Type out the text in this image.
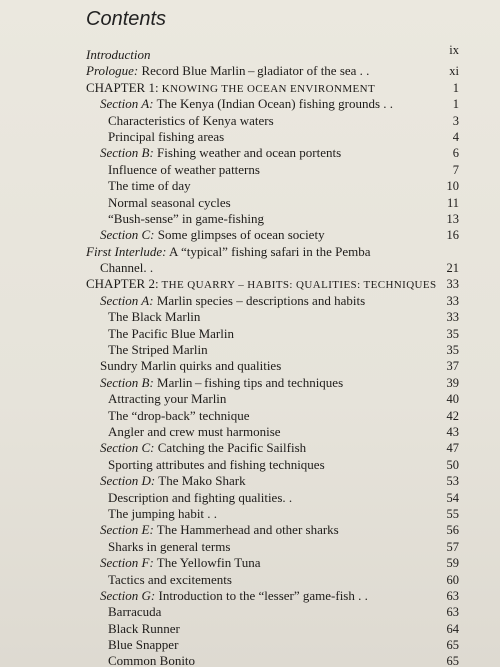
Contents
Introduction	ix
Prologue: Record Blue Marlin – gladiator of the sea . .	xi
CHAPTER 1: KNOWING THE OCEAN ENVIRONMENT	1
Section A: The Kenya (Indian Ocean) fishing grounds . .	1
Characteristics of Kenya waters	3
Principal fishing areas	4
Section B: Fishing weather and ocean portents	6
Influence of weather patterns	7
The time of day	10
Normal seasonal cycles	11
“Bush-sense” in game-fishing	13
Section C: Some glimpses of ocean society	16
First Interlude: A “typical” fishing safari in the Pemba
Channel. .	21
CHAPTER 2: THE QUARRY – HABITS: QUALITIES: TECHNIQUES 33
Section A: Marlin species – descriptions and habits	33
The Black Marlin	33
The Pacific Blue Marlin	35
The Striped Marlin	35
Sundry Marlin quirks and qualities	37
Section B: Marlin – fishing tips and techniques	39
Attracting your Marlin	40
The “drop-back” technique	42
Angler and crew must harmonise	43
Section C: Catching the Pacific Sailfish	47
Sporting attributes and fishing techniques	50
Section D: The Mako Shark	53
Description and fighting qualities. .	54
The jumping habit . .	55
Section E: The Hammerhead and other sharks	56
Sharks in general terms	57
Section F: The Yellowfin Tuna	59
Tactics and excitements	60
Section G: Introduction to the “lesser” game-fish . .	63
Barracuda	63
Black Runner	64
Blue Snapper	65
Common Bonito	65
